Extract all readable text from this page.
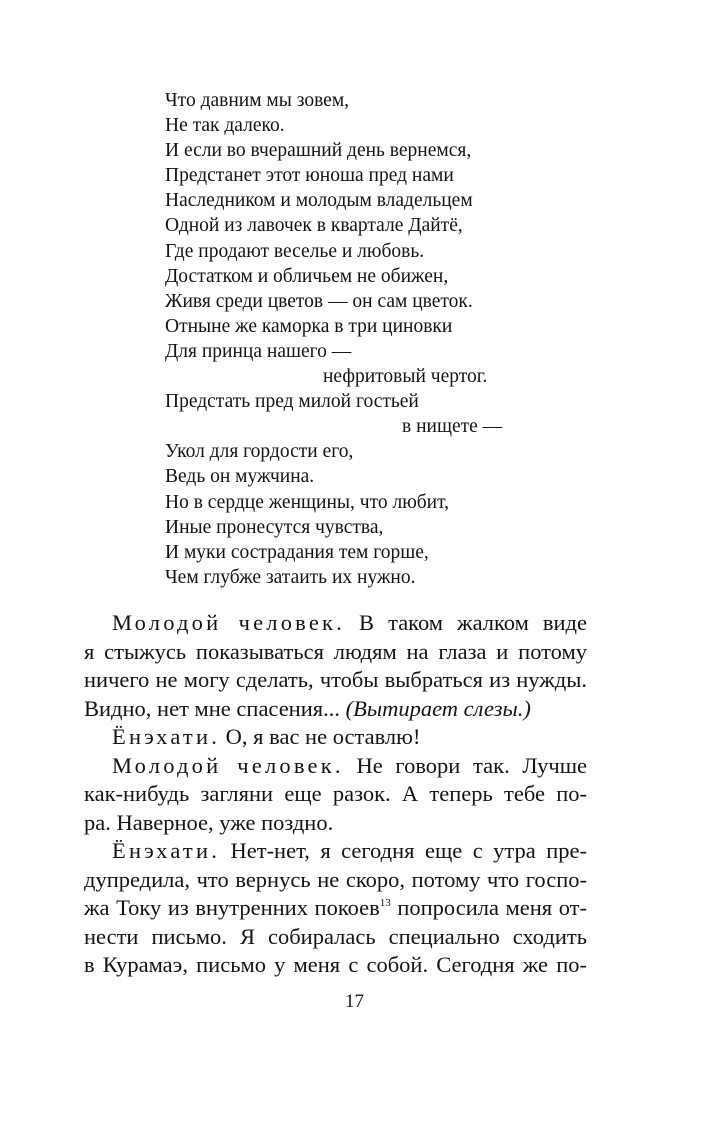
Что давним мы зовем,
Не так далеко.
И если во вчерашний день вернемся,
Предстанет этот юноша пред нами
Наследником и молодым владельцем
Одной из лавочек в квартале Дайтё,
Где продают веселье и любовь.
Достатком и обличьем не обижен,
Живя среди цветов — он сам цветок.
Отныне же каморка в три циновки
Для принца нашего —
нефритовый чертог.
Предстать пред милой гостьей
в нищете —
Укол для гордости его,
Ведь он мужчина.
Но в сердце женщины, что любит,
Иные пронесутся чувства,
И муки сострадания тем горше,
Чем глубже затаить их нужно.
Молодой человек. В таком жалком виде
я стыжусь показываться людям на глаза и потому
ничего не могу сделать, чтобы выбраться из нужды.
Видно, нет мне спасения... (Вытирает слезы.)
Ёнэхати. О, я вас не оставлю!
Молодой человек. Не говори так. Лучше
как-нибудь загляни еще разок. А теперь тебе по-
ра. Наверное, уже поздно.
Ёнэхати. Нет-нет, я сегодня еще с утра пре-
дупредила, что вернусь не скоро, потому что госпо-
жа Току из внутренних покоев$^{13}$ попросила меня от-
нести письмо. Я собиралась специально сходить
в Курамаэ, письмо у меня с собой. Сегодня же по-
17
